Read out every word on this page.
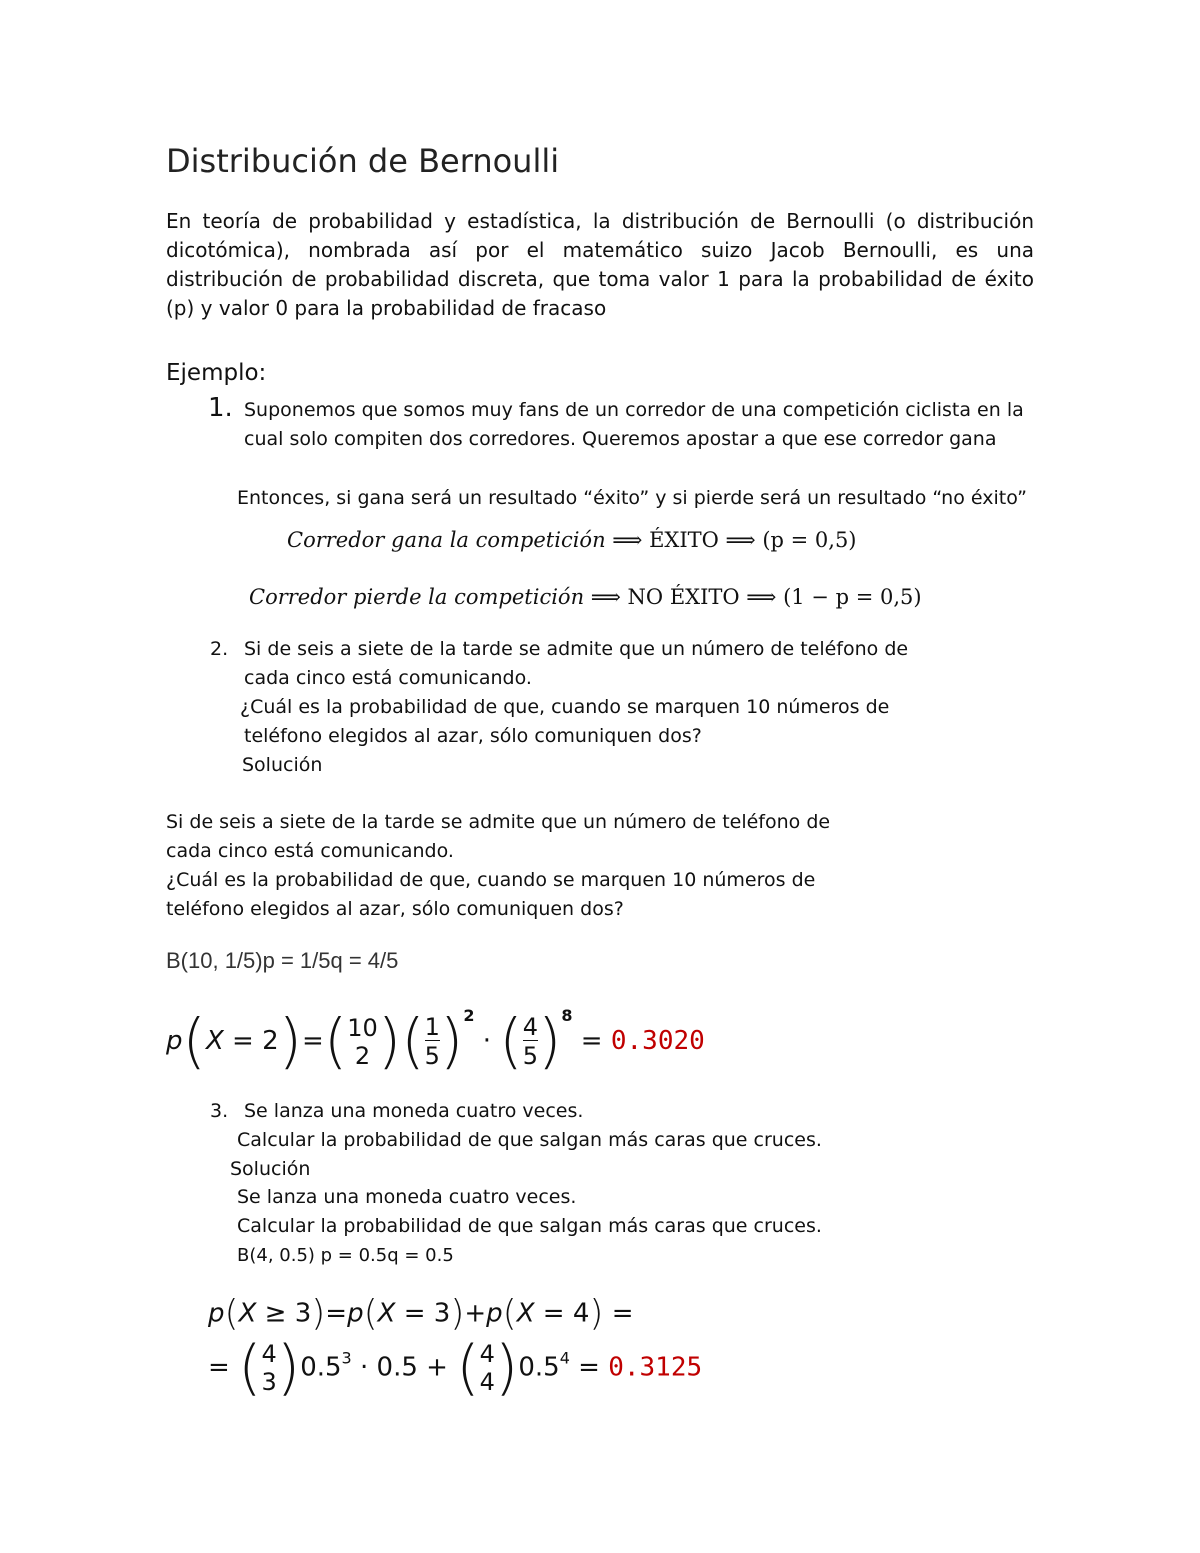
Distribución de Bernoulli
En teoría de probabilidad y estadística, la distribución de Bernoulli (o distribución dicotómica), nombrada así por el matemático suizo Jacob Bernoulli, es una distribución de probabilidad discreta, que toma valor 1 para la probabilidad de éxito (p) y valor 0 para la probabilidad de fracaso
Ejemplo:
1. Suponemos que somos muy fans de un corredor de una competición ciclista en la
cual solo compiten dos corredores. Queremos apostar a que ese corredor gana
Entonces, si gana será un resultado “éxito” y si pierde será un resultado “no éxito”
Corredor gana la competición ⟹ ÉXITO ⟹ (p = 0,5)
Corredor pierde la competición ⟹ NO ÉXITO ⟹ (1 − p = 0,5)
2. Si de seis a siete de la tarde se admite que un número de teléfono de
cada cinco está comunicando.
¿Cuál es la probabilidad de que, cuando se marquen 10 números de
teléfono elegidos al azar, sólo comuniquen dos?
Solución
Si de seis a siete de la tarde se admite que un número de teléfono de
cada cinco está comunicando.
¿Cuál es la probabilidad de que, cuando se marquen 10 números de
teléfono elegidos al azar, sólo comuniquen dos?
B(10, 1/5)p = 1/5q = 4/5
p(X = 2)=(10
2 )$(\frac{1}{5})^2 \cdot (\frac{4}{5})^8 = 0.3020$
3. Se lanza una moneda cuatro veces.
Calcular la probabilidad de que salgan más caras que cruces.
Solución
Se lanza una moneda cuatro veces.
Calcular la probabilidad de que salgan más caras que cruces.
B(4, 0.5) p = 0.5q = 0.5
p(X ≥ 3)=p(X = 3)+p(X = 4) =
= (4
$3)0.5^3 \cdot 0.5 + (4$
$4)0.5^4 = 0.3125$
